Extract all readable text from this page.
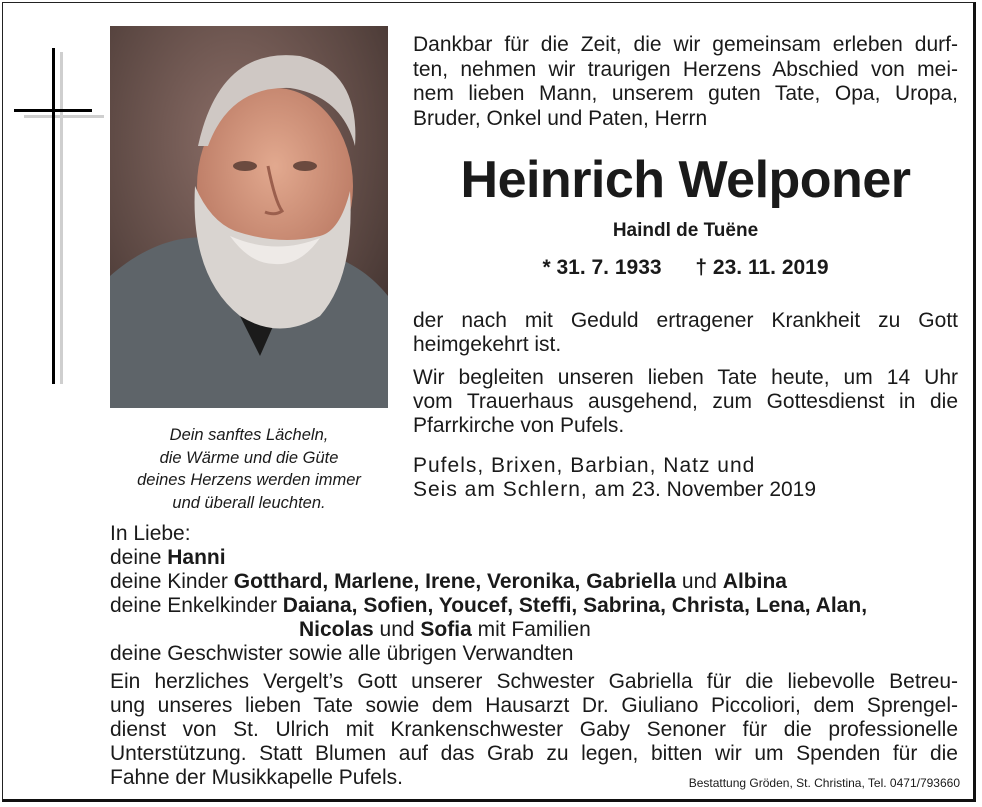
Dein sanftes Lächeln,
die Wärme und die Güte
deines Herzens werden immer
und überall leuchten.
Dankbar für die Zeit, die wir gemeinsam erleben durf-
ten, nehmen wir traurigen Herzens Abschied von mei-
nem lieben Mann, unserem guten Tate, Opa, Uropa,
Bruder, Onkel und Paten, Herrn
Heinrich Welponer
Haindl de Tuëne
* 31. 7. 1933 † 23. 11. 2019
der nach mit Geduld ertragener Krankheit zu Gott
heimgekehrt ist.
Wir begleiten unseren lieben Tate heute, um 14 Uhr
vom Trauerhaus ausgehend, zum Gottesdienst in die
Pfarrkirche von Pufels.
Pufels, Brixen, Barbian, Natz und
Seis am Schlern, am 23. November 2019
In Liebe:
deine Hanni
deine Kinder Gotthard, Marlene, Irene, Veronika, Gabriella und Albina
deine Enkelkinder Daiana, Sofien, Youcef, Steffi, Sabrina, Christa, Lena, Alan,
Nicolas und Sofia mit Familien
deine Geschwister sowie alle übrigen Verwandten
Ein herzliches Vergelt’s Gott unserer Schwester Gabriella für die liebevolle Betreu-
ung unseres lieben Tate sowie dem Hausarzt Dr. Giuliano Piccoliori, dem Sprengel-
dienst von St. Ulrich mit Krankenschwester Gaby Senoner für die professionelle
Unterstützung. Statt Blumen auf das Grab zu legen, bitten wir um Spenden für die
Fahne der Musikkapelle Pufels.	Bestattung Gröden, St. Christina, Tel. 0471/793660
